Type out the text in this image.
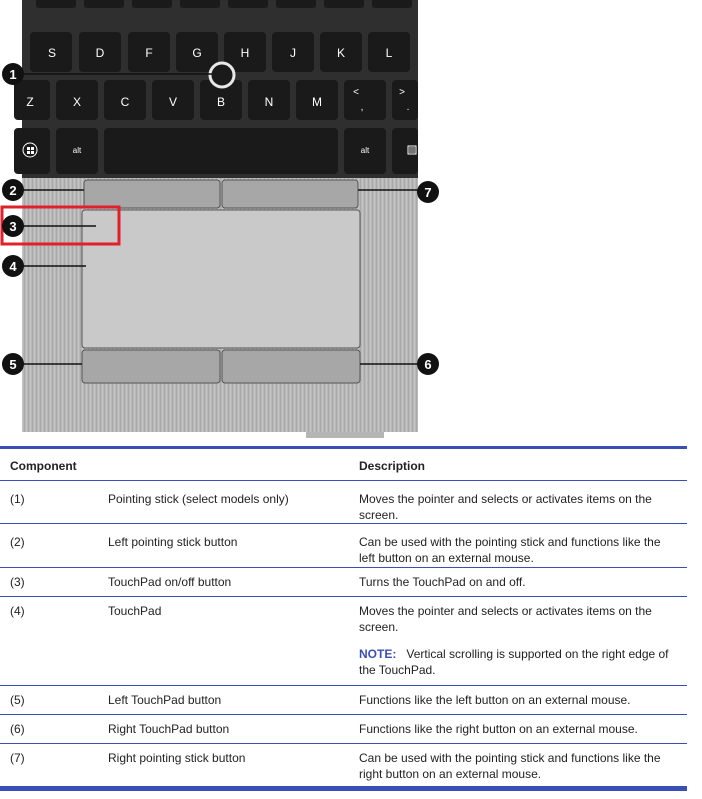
S	D	F	G	H	J	K	L
Z	X	C	V	B	N	M
<
,
>
.
alt	alt
1
2
3
4
5	6
7
Component	Description
(1)	Pointing stick (select models only)	Moves the pointer and selects or activates items on the screen.
(2)	Left pointing stick button	Can be used with the pointing stick and functions like the left button on an external mouse.
(3)	TouchPad on/off button	Turns the TouchPad on and off.
(4)	TouchPad	Moves the pointer and selects or activates items on the screen.
NOTE: Vertical scrolling is supported on the right edge of the TouchPad.
(5)	Left TouchPad button	Functions like the left button on an external mouse.
(6)	Right TouchPad button	Functions like the right button on an external mouse.
(7)	Right pointing stick button	Can be used with the pointing stick and functions like the right button on an external mouse.
